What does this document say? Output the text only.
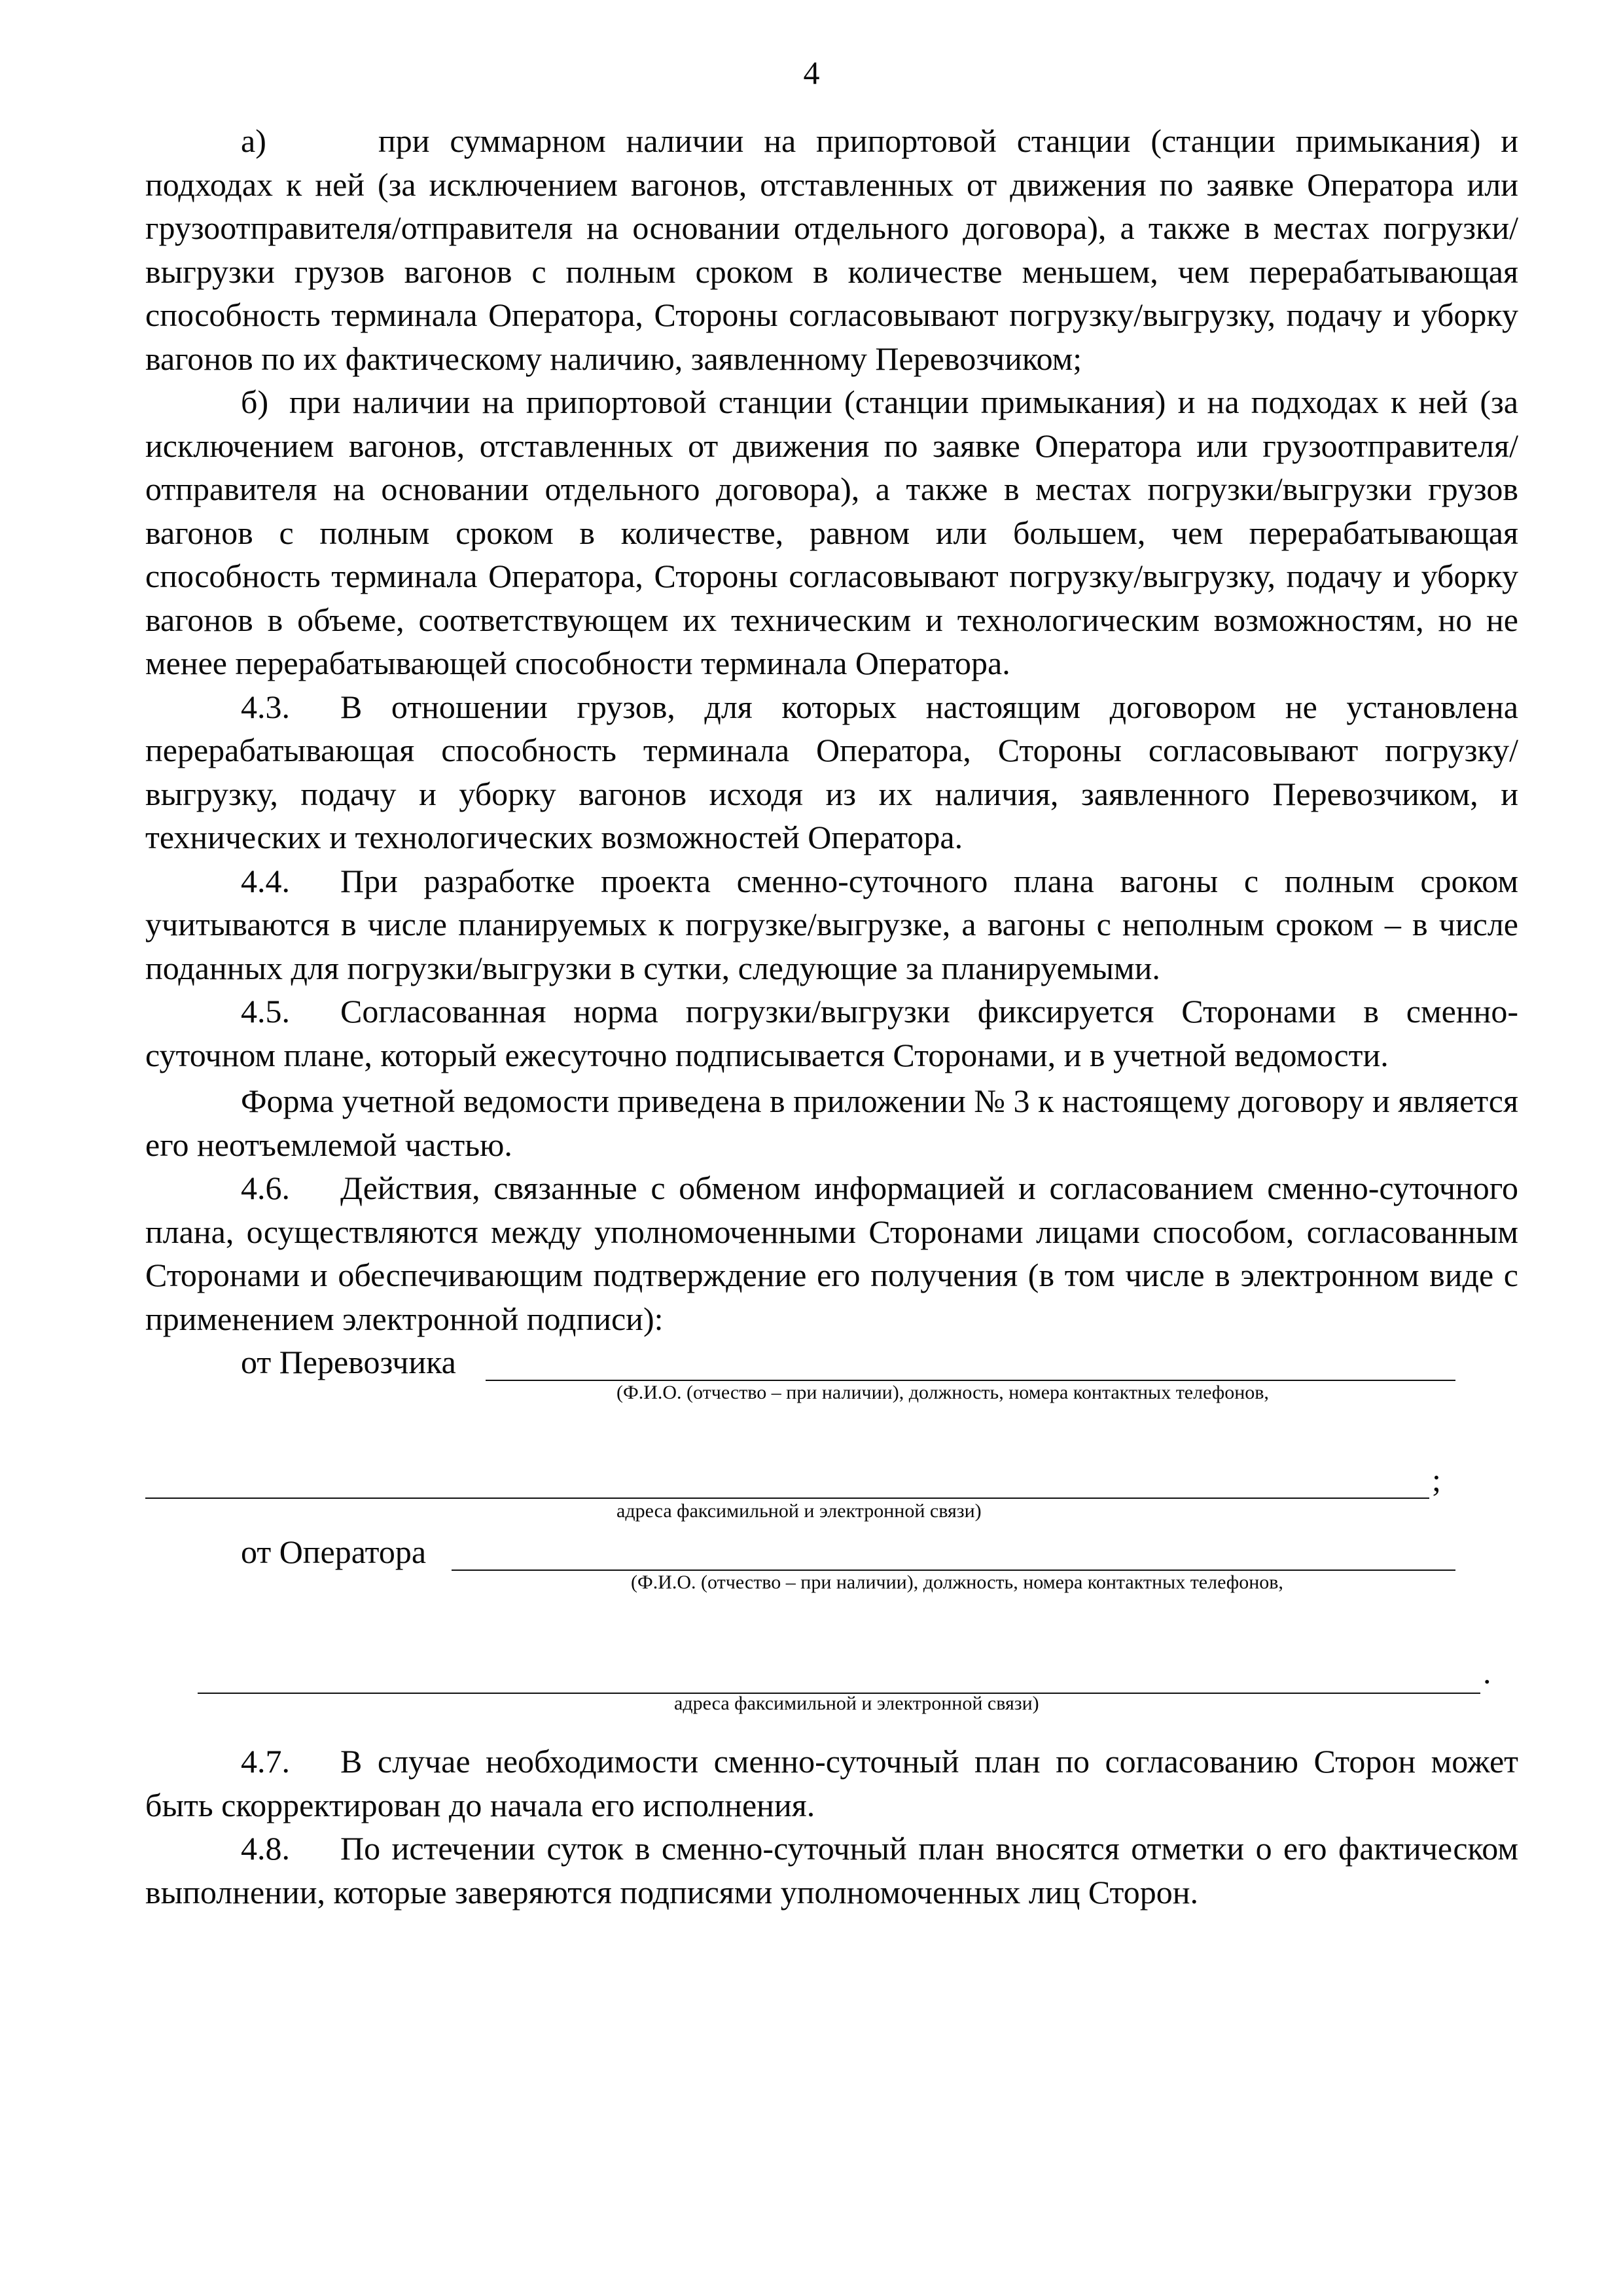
4

а)	при суммарном наличии на припортовой станции (станции примыкания) и подходах к ней (за исключением вагонов, отставленных от движения по заявке Оператора или грузоотправителя/отправителя на основании отдельного договора), а также в местах погрузки/выгрузки грузов вагонов с полным сроком в количестве меньшем, чем перерабатывающая способность терминала Оператора, Стороны согласовывают погрузку/выгрузку, подачу и уборку вагонов по их фактическому наличию, заявленному Перевозчиком;

б) при наличии на припортовой станции (станции примыкания) и на подходах к ней (за исключением вагонов, отставленных от движения по заявке Оператора или грузоотправителя/отправителя на основании отдельного договора), а также в местах погрузки/выгрузки грузов вагонов с полным сроком в количестве, равном или большем, чем перерабатывающая способность терминала Оператора, Стороны согласовывают погрузку/выгрузку, подачу и уборку вагонов в объеме, соответствующем их техническим и технологическим возможностям, но не менее перерабатывающей способности терминала Оператора.

4.3. В отношении грузов, для которых настоящим договором не установлена перерабатывающая способность терминала Оператора, Стороны согласовывают погрузку/выгрузку, подачу и уборку вагонов исходя из их наличия, заявленного Перевозчиком, и технических и технологических возможностей Оператора.

4.4. При разработке проекта сменно-суточного плана вагоны с полным сроком учитываются в числе планируемых к погрузке/выгрузке, а вагоны с неполным сроком – в числе поданных для погрузки/выгрузки в сутки, следующие за планируемыми.

4.5. Согласованная норма погрузки/выгрузки фиксируется Сторонами в сменно-суточном плане, который ежесуточно подписывается Сторонами, и в учетной ведомости.

Форма учетной ведомости приведена в приложении № 3 к настоящему договору и является его неотъемлемой частью.

4.6. Действия, связанные с обменом информацией и согласованием сменно-суточного плана, осуществляются между уполномоченными Сторонами лицами способом, согласованным Сторонами и обеспечивающим подтверждение его получения (в том числе в электронном виде с применением электронной подписи):

от Перевозчика
(Ф.И.О. (отчество – при наличии), должность, номера контактных телефонов,
;
адреса факсимильной и электронной связи)
от Оператора
(Ф.И.О. (отчество – при наличии), должность, номера контактных телефонов,
.
адреса факсимильной и электронной связи)

4.7. В случае необходимости сменно-суточный план по согласованию Сторон может быть скорректирован до начала его исполнения.

4.8. По истечении суток в сменно-суточный план вносятся отметки о его фактическом выполнении, которые заверяются подписями уполномоченных лиц Сторон.
